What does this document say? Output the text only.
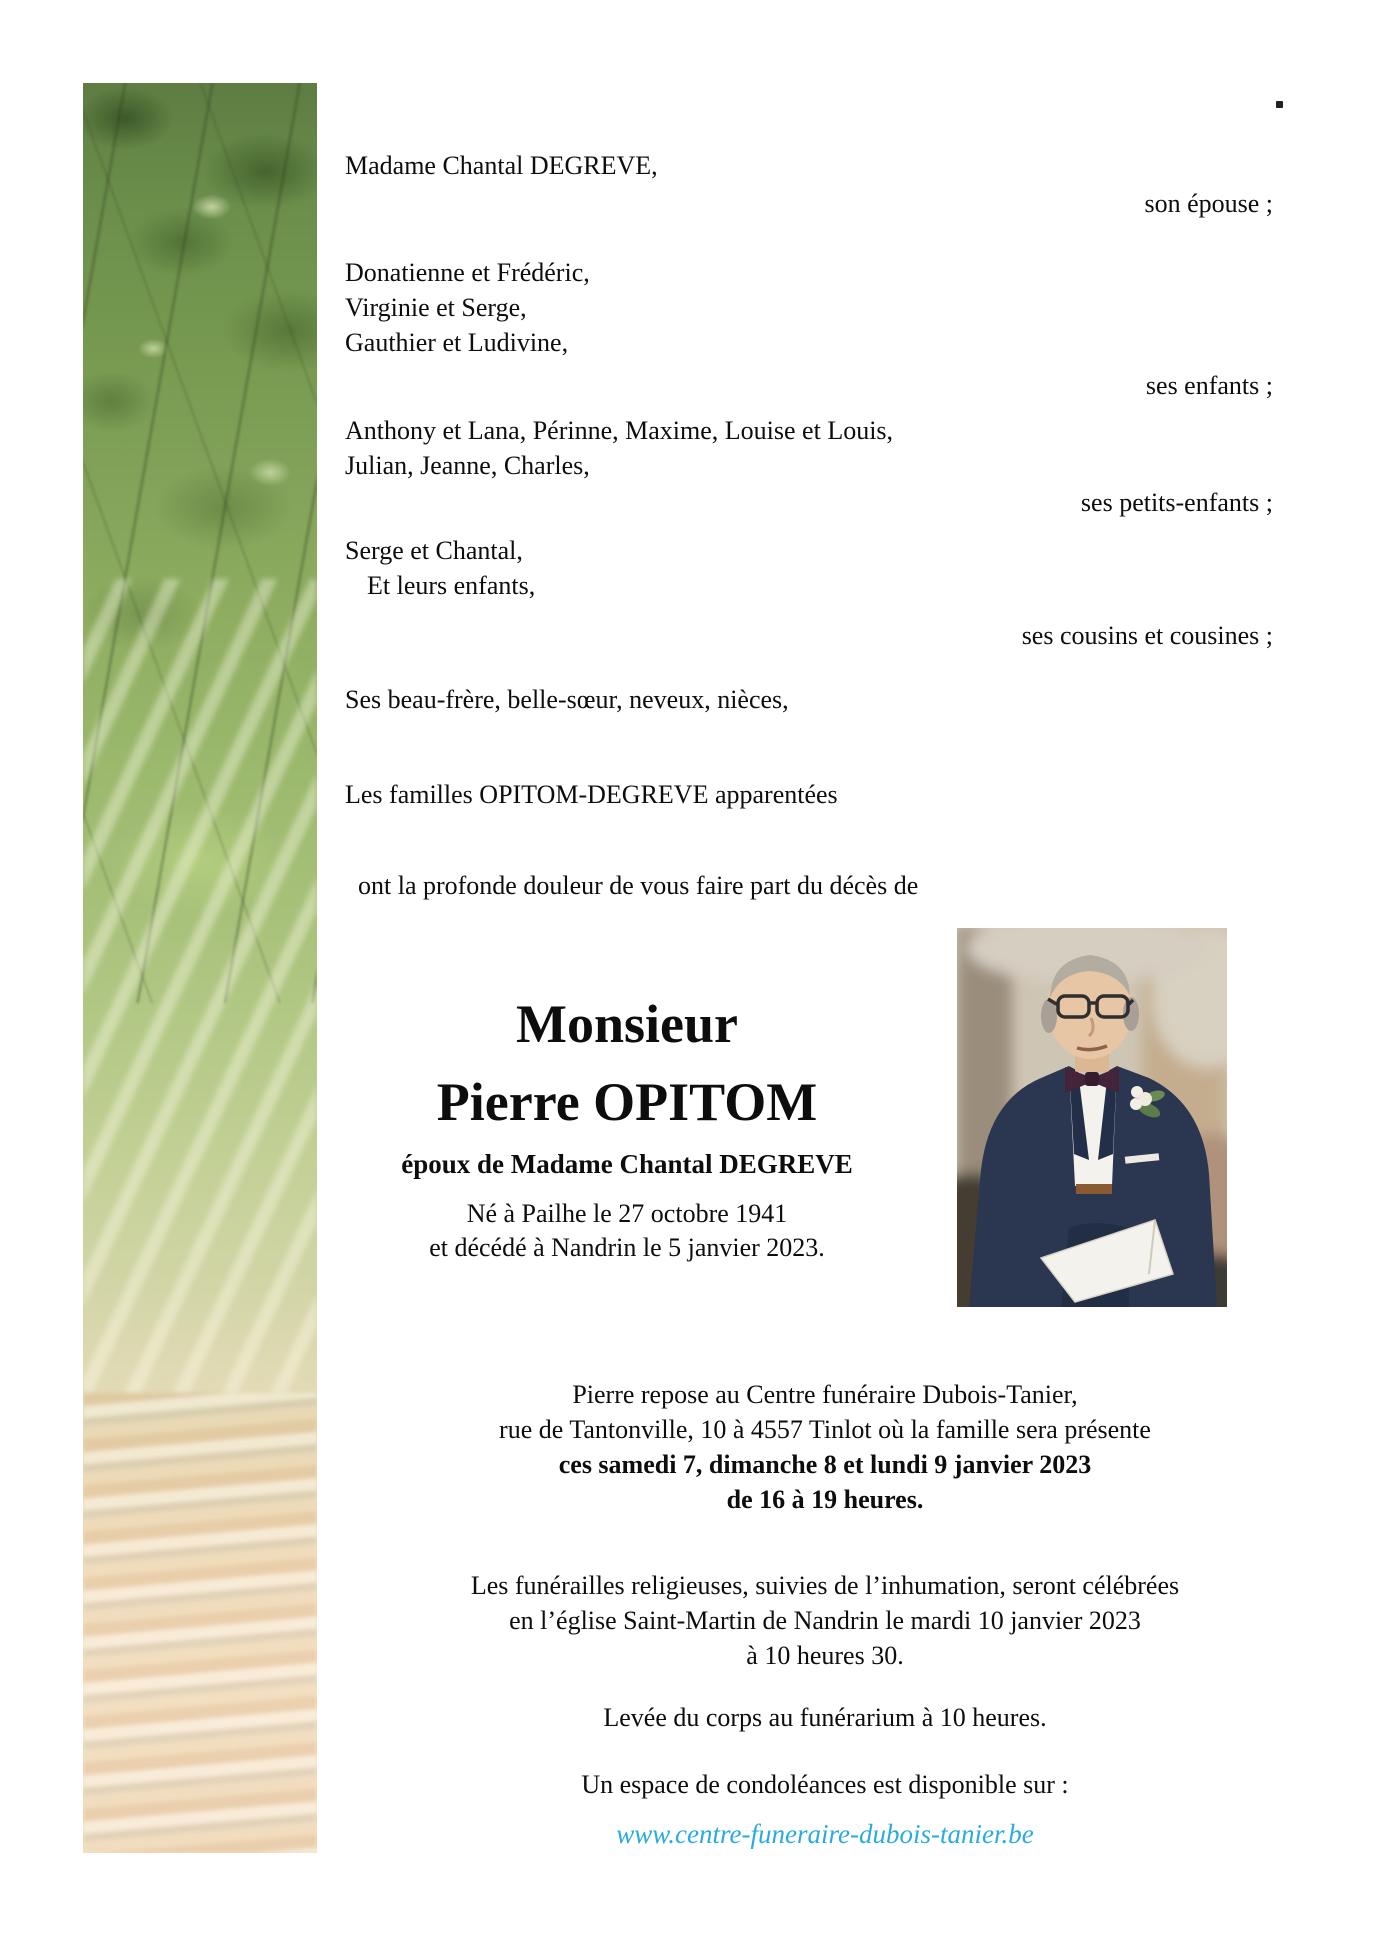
Madame Chantal DEGREVE,
son épouse ;
Donatienne et Frédéric,
Virginie et Serge,
Gauthier et Ludivine,
ses enfants ;
Anthony et Lana, Périnne, Maxime, Louise et Louis,
Julian, Jeanne, Charles,
ses petits-enfants ;
Serge et Chantal,
Et leurs enfants,
ses cousins et cousines ;
Ses beau-frère, belle-sœur, neveux, nièces,
Les familles OPITOM-DEGREVE apparentées
ont la profonde douleur de vous faire part du décès de
Monsieur
Pierre OPITOM
époux de Madame Chantal DEGREVE
Né à Pailhe le 27 octobre 1941
et décédé à Nandrin le 5 janvier 2023.
Pierre repose au Centre funéraire Dubois-Tanier,
rue de Tantonville, 10 à 4557 Tinlot où la famille sera présente
ces samedi 7, dimanche 8 et lundi 9 janvier 2023
de 16 à 19 heures.
Les funérailles religieuses, suivies de l’inhumation, seront célébrées
en l’église Saint-Martin de Nandrin le mardi 10 janvier 2023
à 10 heures 30.
Levée du corps au funérarium à 10 heures.
Un espace de condoléances est disponible sur :
www.centre-funeraire-dubois-tanier.be
